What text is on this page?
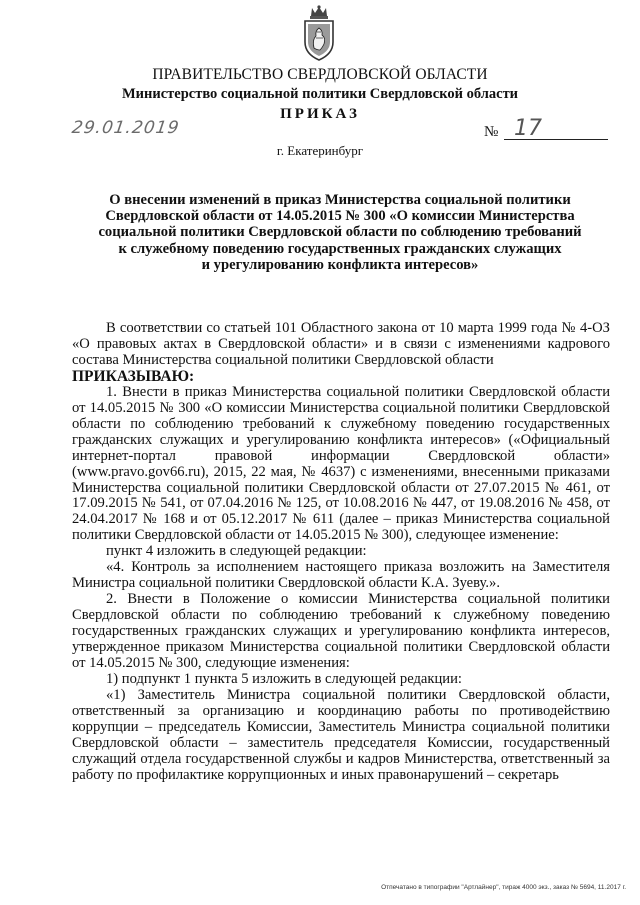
ПРАВИТЕЛЬСТВО СВЕРДЛОВСКОЙ ОБЛАСТИ
Министерство социальной политики Свердловской области
ПРИКАЗ
29.01.2019	№ 17
г. Екатеринбург
О внесении изменений в приказ Министерства социальной политики
Свердловской области от 14.05.2015 № 300 «О комиссии Министерства
социальной политики Свердловской области по соблюдению требований
к служебному поведению государственных гражданских служащих
и урегулированию конфликта интересов»

В соответствии со статьей 101 Областного закона от 10 марта 1999 года № 4-ОЗ «О правовых актах в Свердловской области» и в связи с изменениями кадрового состава Министерства социальной политики Свердловской области

ПРИКАЗЫВАЮ:

1. Внести в приказ Министерства социальной политики Свердловской области от 14.05.2015 № 300 «О комиссии Министерства социальной политики Свердловской области по соблюдению требований к служебному поведению государственных гражданских служащих и урегулированию конфликта интересов» («Официальный интернет-портал правовой информации Свердловской области» (www.pravo.gov66.ru), 2015, 22 мая, № 4637) с изменениями, внесенными приказами Министерства социальной политики Свердловской области от 27.07.2015 № 461, от 17.09.2015 № 541, от 07.04.2016 № 125, от 10.08.2016 № 447, от 19.08.2016 № 458, от 24.04.2017 № 168 и от 05.12.2017 № 611 (далее – приказ Министерства социальной политики Свердловской области от 14.05.2015 № 300), следующее изменение:

пункт 4 изложить в следующей редакции:

«4. Контроль за исполнением настоящего приказа возложить на Заместителя Министра социальной политики Свердловской области К.А. Зуеву.».

2. Внести в Положение о комиссии Министерства социальной политики Свердловской области по соблюдению требований к служебному поведению государственных гражданских служащих и урегулированию конфликта интересов, утвержденное приказом Министерства социальной политики Свердловской области от 14.05.2015 № 300, следующие изменения:

1) подпункт 1 пункта 5 изложить в следующей редакции:

«1) Заместитель Министра социальной политики Свердловской области, ответственный за организацию и координацию работы по противодействию коррупции – председатель Комиссии, Заместитель Министра социальной политики Свердловской области – заместитель председателя Комиссии, государственный служащий отдела государственной службы и кадров Министерства, ответственный за работу по профилактике коррупционных и иных правонарушений – секретарь

Отпечатано в типографии "Артлайнер", тираж 4000 экз., заказ № 5694, 11.2017 г.
